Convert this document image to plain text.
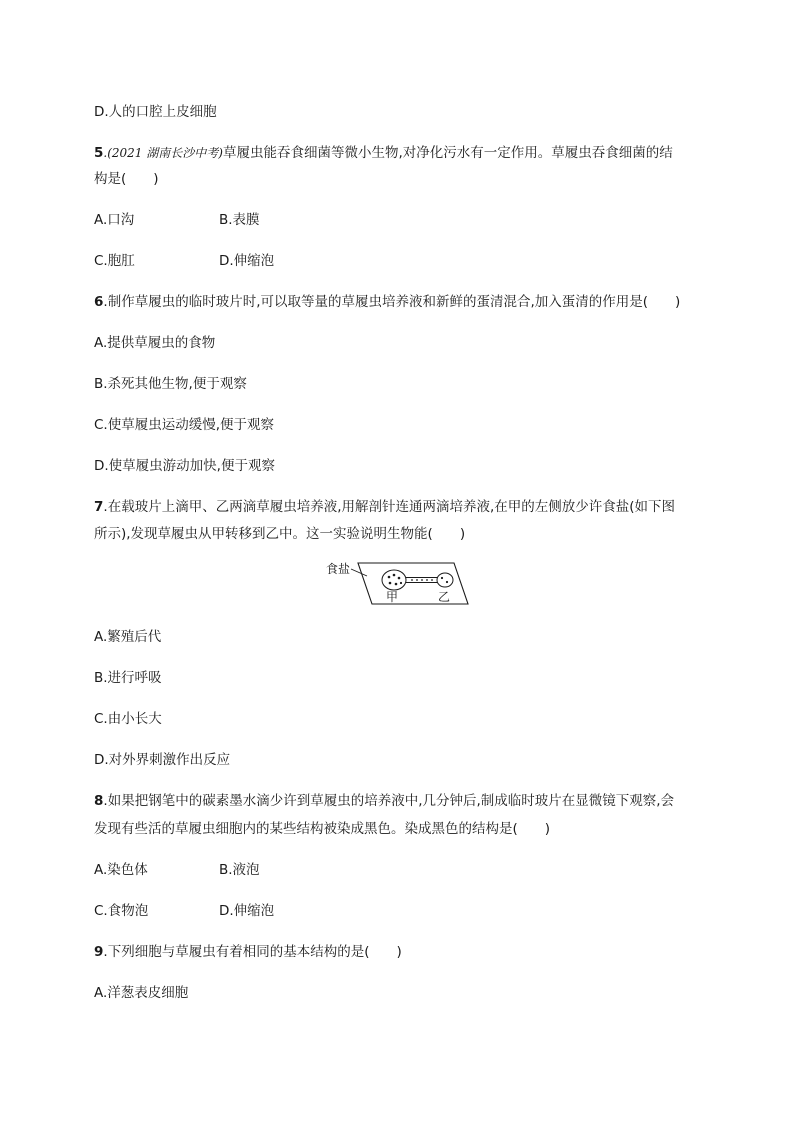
D.人的口腔上皮细胞
5.(2021 湖南长沙中考)草履虫能吞食细菌等微小生物,对净化污水有一定作用。草履虫吞食细菌的结
构是(　　)
A.口沟	B.表膜
C.胞肛	D.伸缩泡
6.制作草履虫的临时玻片时,可以取等量的草履虫培养液和新鲜的蛋清混合,加入蛋清的作用是(　　)
A.提供草履虫的食物
B.杀死其他生物,便于观察
C.使草履虫运动缓慢,便于观察
D.使草履虫游动加快,便于观察
7.在载玻片上滴甲、乙两滴草履虫培养液,用解剖针连通两滴培养液,在甲的左侧放少许食盐(如下图
所示),发现草履虫从甲转移到乙中。这一实验说明生物能(　　)
食盐
甲	乙
A.繁殖后代
B.进行呼吸
C.由小长大
D.对外界刺激作出反应
8.如果把钢笔中的碳素墨水滴少许到草履虫的培养液中,几分钟后,制成临时玻片在显微镜下观察,会
发现有些活的草履虫细胞内的某些结构被染成黑色。染成黑色的结构是(　　)
A.染色体	B.液泡
C.食物泡	D.伸缩泡
9.下列细胞与草履虫有着相同的基本结构的是(　　)
A.洋葱表皮细胞
